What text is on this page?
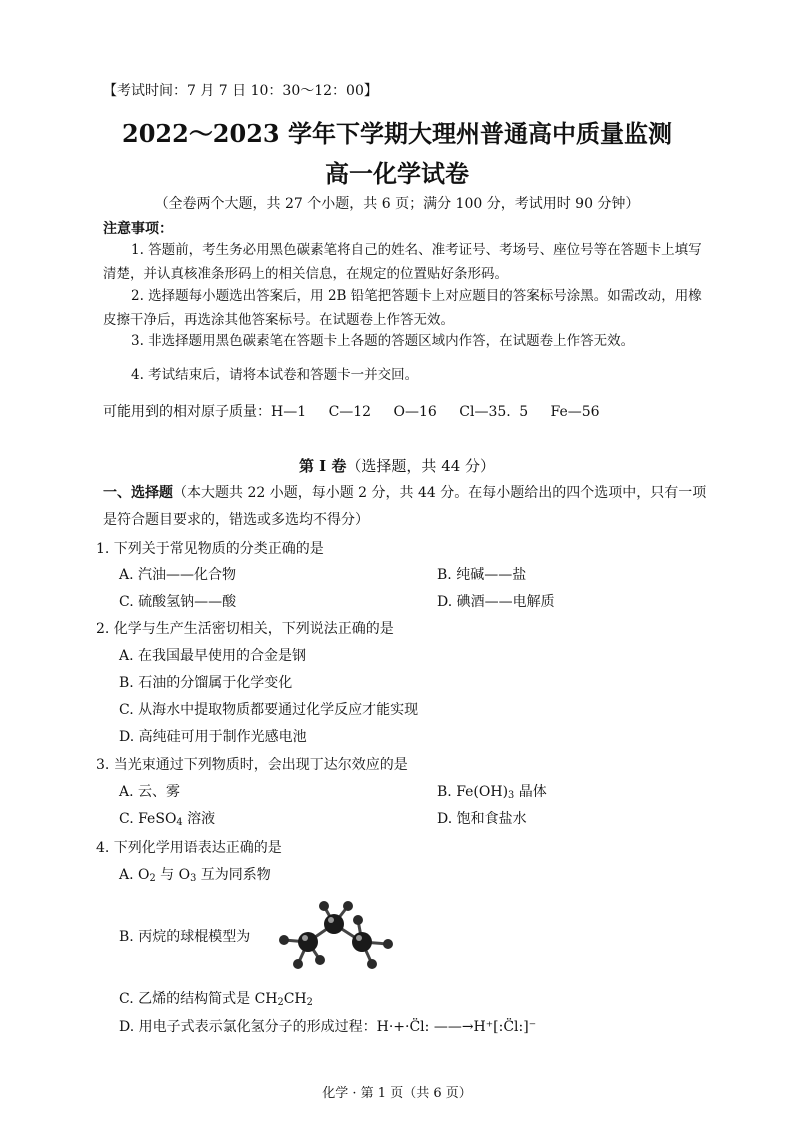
【考试时间：7 月 7 日 10：30～12：00】
2022～2023 学年下学期大理州普通高中质量监测
高一化学试卷
（全卷两个大题，共 27 个小题，共 6 页；满分 100 分，考试用时 90 分钟）
注意事项：
1. 答题前，考生务必用黑色碳素笔将自己的姓名、准考证号、考场号、座位号等在答题卡上填写清楚，并认真核准条形码上的相关信息，在规定的位置贴好条形码。
2. 选择题每小题选出答案后，用 2B 铅笔把答题卡上对应题目的答案标号涂黑。如需改动，用橡皮擦干净后，再选涂其他答案标号。在试题卷上作答无效。
3. 非选择题用黑色碳素笔在答题卡上各题的答题区域内作答，在试题卷上作答无效。
4. 考试结束后，请将本试卷和答题卡一并交回。
可能用到的相对原子质量：H—1　 C—12　 O—16　 Cl—35. 5　 Fe—56
第 I 卷（选择题，共 44 分）
一、选择题（本大题共 22 小题，每小题 2 分，共 44 分。在每小题给出的四个选项中，只有一项是符合题目要求的，错选或多选均不得分）
1. 下列关于常见物质的分类正确的是
A. 汽油——化合物	B. 纯碱——盐
C. 硫酸氢钠——酸	D. 碘酒——电解质
2. 化学与生产生活密切相关，下列说法正确的是
A. 在我国最早使用的合金是钢
B. 石油的分馏属于化学变化
C. 从海水中提取物质都要通过化学反应才能实现
D. 高纯硅可用于制作光感电池
3. 当光束通过下列物质时，会出现丁达尔效应的是
A. 云、雾	B. $Fe(OH)_3$ 晶体
C. FeSO$_4$ 溶液	D. 饱和食盐水
4. 下列化学用语表达正确的是
A. $O_2$ 与 $O_3$ 互为同系物
B. 丙烷的球棍模型为
C. 乙烯的结构简式是 $CH_2CH_2$
D. 用电子式表示氯化氢分子的形成过程：H·+·C̈l: ——→H⁺[:C̈l:]⁻
化学 · 第 1 页（共 6 页）
